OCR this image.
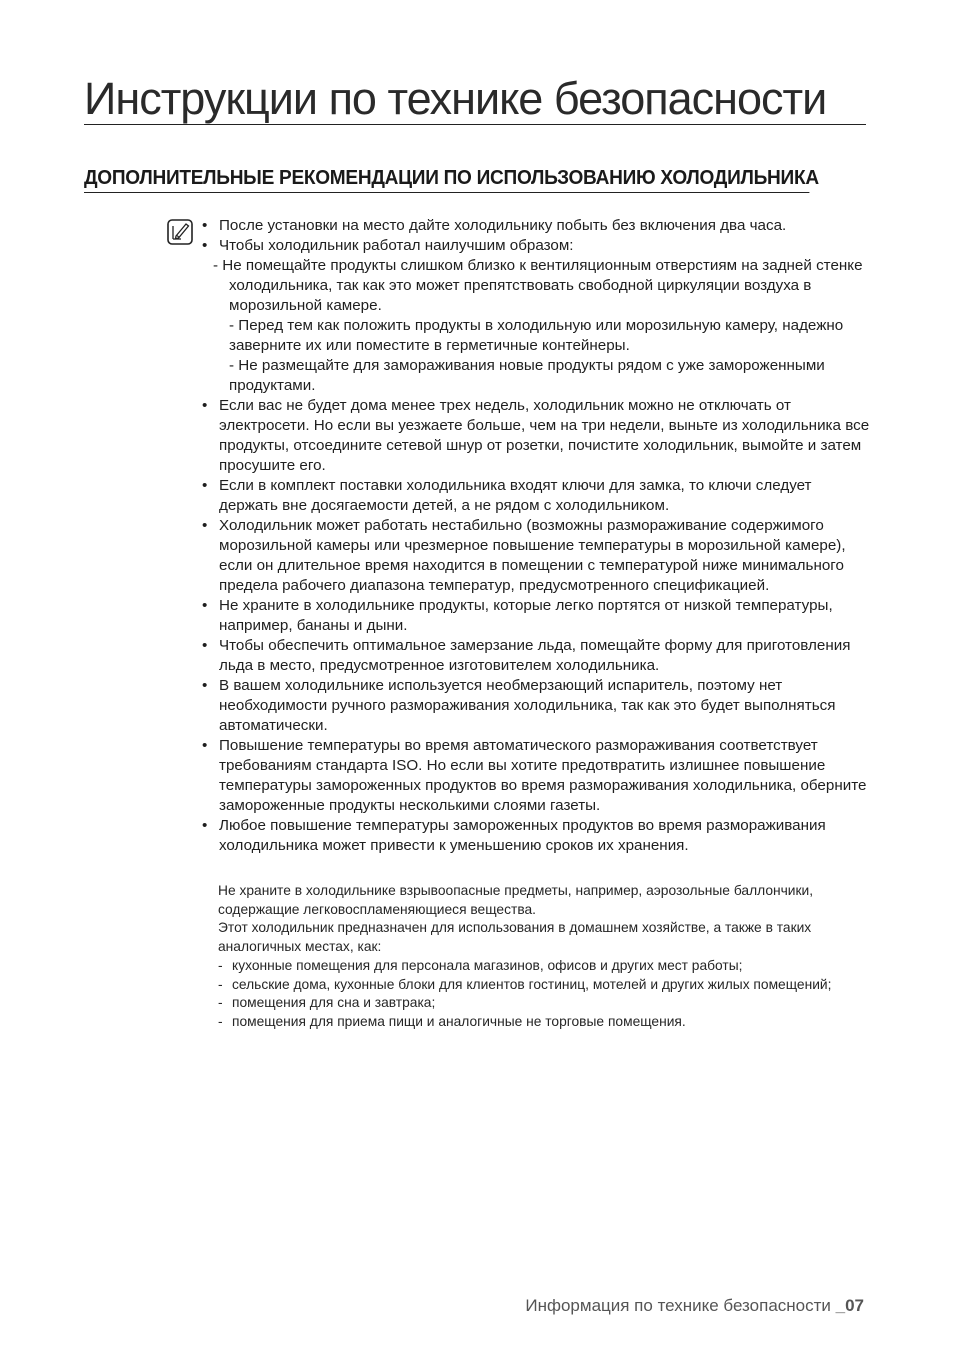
Инструкции по технике безопасности
ДОПОЛНИТЕЛЬНЫЕ РЕКОМЕНДАЦИИ ПО ИСПОЛЬЗОВАНИЮ ХОЛОДИЛЬНИКА
• После установки на место дайте холодильнику побыть без включения два часа.
• Чтобы холодильник работал наилучшим образом:
- Не помещайте продукты слишком близко к вентиляционным отверстиям на задней стенке холодильника, так как это может препятствовать свободной циркуляции воздуха в морозильной камере.
- Перед тем как положить продукты в холодильную или морозильную камеру, надежно заверните их или поместите в герметичные контейнеры.
- Не размещайте для замораживания новые продукты рядом с уже замороженными продуктами.
• Если вас не будет дома менее трех недель, холодильник можно не отключать от электросети. Но если вы уезжаете больше, чем на три недели, выньте из холодильника все продукты, отсоедините сетевой шнур от розетки, почистите холодильник, вымойте и затем просушите его.
• Если в комплект поставки холодильника входят ключи для замка, то ключи следует держать вне досягаемости детей, а не рядом с холодильником.
• Холодильник может работать нестабильно (возможны размораживание содержимого морозильной камеры или чрезмерное повышение температуры в морозильной камере), если он длительное время находится в помещении с температурой ниже минимального предела рабочего диапазона температур, предусмотренного спецификацией.
• Не храните в холодильнике продукты, которые легко портятся от низкой температуры, например, бананы и дыни.
• Чтобы обеспечить оптимальное замерзание льда, помещайте форму для приготовления льда в место, предусмотренное изготовителем холодильника.
• В вашем холодильнике используется необмерзающий испаритель, поэтому нет необходимости ручного размораживания холодильника, так как это будет выполняться автоматически.
• Повышение температуры во время автоматического размораживания соответствует требованиям стандарта ISO. Но если вы хотите предотвратить излишнее повышение температуры замороженных продуктов во время размораживания холодильника, оберните замороженные продукты несколькими слоями газеты.
• Любое повышение температуры замороженных продуктов во время размораживания холодильника может привести к уменьшению сроков их хранения.
Не храните в холодильнике взрывоопасные предметы, например, аэрозольные баллончики, содержащие легковоспламеняющиеся вещества.
Этот холодильник предназначен для использования в домашнем хозяйстве, а также в таких аналогичных местах, как:
- кухонные помещения для персонала магазинов, офисов и других мест работы;
- сельские дома, кухонные блоки для клиентов гостиниц, мотелей и других жилых помещений;
- помещения для сна и завтрака;
- помещения для приема пищи и аналогичные не торговые помещения.
Информация по технике безопасности _07
